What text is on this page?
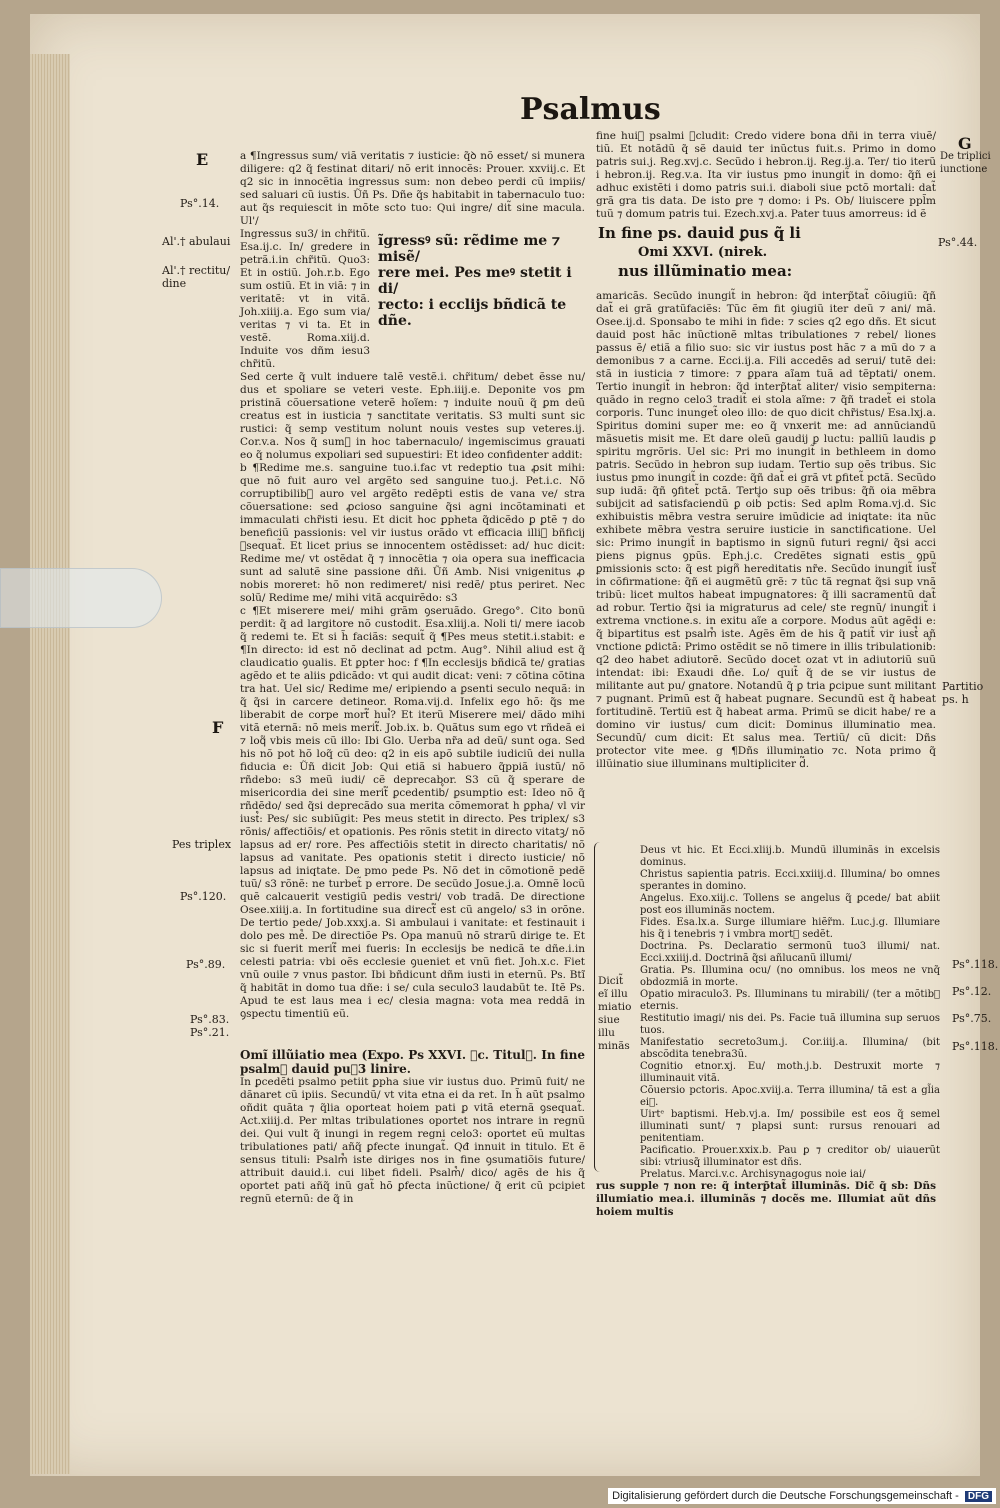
Psalmus
E
Ps°.14.
Al'.† abulaui
Al'.† rectitu/ dine
F
Pes triplex
Ps°.120.
Ps°.89.
Ps°.83.
Ps°.21.

a ¶Ingressus sum/ viã veritatis ⁊ iusticie: q̃ꝺ nõ esset/ si munera diligere: q2 q̃ festinat ditari/ nõ erit innocẽs: Prouer. xxviij.c. Et q2 sic in innocẽtia ingressus sum: non debeo perdi cũ impiis/ sed saluari cũ iustis. Ũñ Ps. Dñe q̃s habitabit in tabernaculo tuo: aut q̃s requiescit in mõte scto tuo: Qui ingre/ dit̃ sine macula. Ul'/

Ingressus su3/ in chr̃itũ. Esa.ij.c. In/ gredere in petrã.i.in chr̃itũ. Quo3: Et in ostiũ. Joh.r.b. Ego sum ostiũ. Et in viã: ⁊ in veritatẽ: vt in vitã. Joh.xiiij.a. Ego sum via/ veritas ⁊ vi ta. Et in vestẽ. Roma.xiij.d. Induite vos dñm iesu3 chr̃itũ.

Sed certe q̃ vult induere talẽ vestẽ.i. chr̃itum/ debet ẽsse nu/ dus et spoliare se veteri veste. Eph.iiij.e. Deponite vos ꝑm pristinã cõuersatione veterẽ hoĩem: ⁊ induite nouũ q̃ ꝑm deũ creatus est in iusticia ⁊ sanctitate veritatis. S3 multi sunt sic rustici: q̃ semp vestitum nolunt nouis vestes sup veteres.ij. Cor.v.a. Nos q̃ sum᷑ in hoc tabernaculo/ ingemiscimus grauati eo q̃ nolumus expoliari sed supuestiri: Et ideo confidenter addit:

b ¶Redime me.s. sanguine tuo.i.fac vt redeptio tua ꝓsit mihi: que nõ fuit auro vel argẽto sed sanguine tuo.j. Pet.i.c. Nõ corruptibilib᷒ auro vel argẽto redẽpti estis de vana ve/ stra cõuersatione: sed ꝓcioso sanguine q̃si agni incõtaminati et immaculati chr̃isti iesu. Et dicit hoc ꝑpheta q̃dicẽdo ꝑ ꝑtẽ ⁊ do beneficiũ passionis: vel vir iustus orãdo vt efficacia illi᷒ bñficij ꝯsequat̃. Et licet prius se innocentem ostẽdisset: ad/ huc dicit: Redime me/ vt ostẽdat q̃ ⁊ innocẽtia ⁊ oia opera sua inefficacia sunt ad salutẽ sine passione dñi. Ũñ Amb. Nisi vnigenitus ꝓ nobis moreret: hõ non redimeret/ nisi redẽ/ ptus periret. Nec solũ/ Redime me/ mihi vitã acquirẽdo: s3

c ¶Et miserere mei/ mihi grãm ꝯseruãdo. Grego°. Cito bonũ perdit: q̃ ad largitore nõ custodit. Esa.xliij.a. Noli ti/ mere iacob q̃ redemi te. Et si h̃ faciãs: sequit̃ q̃ ¶Pes meus stetit.i.stabit: e ¶In directo: id est nõ declinat ad pctm. Aug°. Nihil aliud est q̃ claudicatio ꝯualis. Et ꝑpter hoc: f ¶In ecclesijs bñdicã te/ gratias agẽdo et te aliis ꝑdicãdo: vt qui audit dicat: veni: ⁊ cõtina cõtina tra hat. Uel sic/ Redime me/ eripiendo a ꝑsenti seculo nequã: in q̃ q̃si in carcere detineor. Roma.vij.d. Infelix ego hõ: q̃s me liberabit de corpe mort᷑ hui᷒? Et iterũ Miserere mei/ dãdo mihi vitã eternã: nõ meis merit᷑. Job.ix. b. Quãtus sum ego vt rñdeã ei ⁊ loq᷑ vbis meis cũ illo: Ibi Glo. Uerba nr̃a ad deũ/ sunt oga. Sed his nõ pot hõ loq̃ cũ deo: q2 in eis apõ subtile iudiciũ dei nulla fiducia e: Ũñ dicit Job: Qui etiã si habuero q̃ppiã iustũ/ nõ rñdebo: s3 meũ iudi/ cẽ deprecabor. S3 cũ q̃ sperare de misericordia dei sine merit᷑ ꝑcedentib᷒/ ꝑsumptio est: Ideo nõ q̃ rñdẽdo/ sed q̃si deprecãdo sua merita cõmemorat h ꝑpha/ vl vir iust᷒: Pes/ sic subiũgit: Pes meus stetit in directo. Pes triplex/ s3 rõnis/ affectiõis/ et opationis. Pes rõnis stetit in directo vitatꝫ/ nõ lapsus ad er/ rore. Pes affectiõis stetit in directo charitatis/ nõ lapsus ad vanitate. Pes opationis stetit i directo iusticie/ nõ lapsus ad iniqtate. De pmo pede Ps. Nõ det in cõmotionẽ pedẽ tuũ/ s3 rõnẽ: ne turbet̃ p errore. De secũdo Josue.j.a. Omnẽ locũ quẽ calcauerit vestigiũ pedis vestri/ vob tradã. De directione Osee.xiiij.a. In fortitudine sua direct᷑ est cũ angelo/ s3 in orõne. De tertio pede/ Job.xxxj.a. Si ambulaui i vanitate: et festinauit i dolo pes me᷒. De directiõe Ps. Opa manuũ nõ strarũ dirige te. Et sic si fuerit merit᷑ mei fueris: In ecclesijs be nedicã te dñe.i.in celesti patria: vbi oẽs ecclesie ꝯueniet et vnũ fiet. Joh.x.c. Fiet vnũ ouile ⁊ vnus pastor. Ibi bñdicunt dñm iusti in eternũ. Ps. Btĩ q̃ habitãt in domo tua dñe: i se/ cula seculo3 laudabũt te. Itẽ Ps. Apud te est laus mea i ec/ clesia magna: vota mea reddã in ꝯspectu timentiũ eũ.

ĩgressꝰ sũ: rẽdime me ⁊ misẽ/
rere mei. Pes meꝰ stetit i di/
recto: i ecclijs bñdicã te dñe.

Omĩ illũiatio mea (Expo. Ps XXVI. ⁊c. Titul᷒. In fine psalm᷒ dauid puꝰ3 linire.

In ꝑcedẽti psalmo petiit ꝑpha siue vir iustus duo. Primũ fuit/ ne dãnaret cũ ipiis. Secundũ/ vt vita etna ei da ret. In h̃ aũt psalmo oñdit quãta ⁊ q̃lia oporteat hoiem pati ꝑ vitã eternã ꝯsequat̃. Act.xiiij.d. Per mltas tribulationes oportet nos intrare in regnũ dei. Qui vult q̃ inungi in regem regni celo3: oportet eũ multas tribulationes pati/ añq̃ ꝑfecte inungat̃. Qđ innuit in titulo. Et ẽ sensus tituli: Psalm᷒ iste diriges nos in fine ꝯsumatiõis future/ attribuit dauid.i. cui libet fideli. Psalm᷒/ dico/ agẽs de his q̃ oportet pati añq̃ inũ gat̃ hõ ꝑfecta inũctione/ q̃ erit cũ pcipiet regnũ eternũ: de q̃ in

G

fine hui᷒ psalmi ꝯcludit: Credo videre bona dñi in terra viuẽ/ tiũ. Et notãdũ q̃ sẽ dauid ter inũctus fuit.s. Primo in domo patris sui.j. Reg.xvj.c. Secũdo i hebron.ij. Reg.ij.a. Ter/ tio iterũ i hebron.ij. Reg.v.a. Ita vir iustus pmo inungit̃ in domo: q̃ñ ei adhuc existẽti i domo patris sui.i. diaboli siue pctõ mortali: dat̃ grã gra tis data. De isto ꝑre ⁊ domo: i Ps. Ob/ liuiscere ppl̃m tuũ ⁊ domum patris tui. Ezech.xvj.a. Pater tuus amorreus: id ẽ

In fine ps. dauid ꝑus q̃ li
Omi XXVI. (nirek.
nus illũminatio mea:

amaricãs. Secũdo inungit̃ in hebron: q̃d interp̃tat̃ cõiugiũ: q̃ñ dat̃ ei grã gratũfaciẽs: Tũc ẽm fit ꝯiugiũ iter deũ ⁊ ani/ mã. Osee.ij.d. Sponsabo te mihi in fide: ⁊ scies q2 ego dñs. Et sicut dauid post hãc inũctionẽ mltas tribulationes ⁊ rebel/ liones passus ẽ/ etiã a filio suo: sic vir iustus post hãc ⁊ a mũ do ⁊ a demonibus ⁊ a carne. Ecci.ij.a. Fili accedẽs ad serui/ tutẽ dei: stã in iusticia ⁊ timore: ⁊ ꝑpara aĩam tuã ad tẽptati/ onem. Tertio inungit̃ in hebron: q̃d interp̃tat̃ aliter/ visio sempiterna: quãdo in regno celo3 tradit̃ ei stola aĩme: ⁊ q̃ñ tradet̃ ei stola corporis. Tunc inunget̃ oleo illo: de quo dicit chr̃istus/ Esa.lxj.a. Spiritus domini super me: eo q̃ vnxerit me: ad annũciandũ mãsuetis misit me. Et dare oleũ gaudij ꝑ luctu: palliũ laudis ꝑ spiritu mgrõris. Uel sic: Pri mo inungit̃ in bethleem in domo patris. Secũdo in hebron sup iudam. Tertio sup oẽs tribus. Sic iustus pmo inungit̃ in cozde: q̃ñ dat̃ ei grã vt ꝑfitet̃ pctã. Secũdo sup iudã: q̃ñ ꝯfitet̃ pctã. Tertio sup oẽs tribus: q̃ñ oia mẽbra subijcit ad satisfaciendũ ꝑ oib᷒ pctis: Sed aplm Roma.vj.d. Sic exhibuistis mẽbra vestra seruire imũdicie ad iniqtate: ita nũc exhibete mẽbra vestra seruire iusticie in sanctificatione. Uel sic: Primo inungit̃ in baptismo in signũ futuri regni/ q̃si acci piens pignus ꝯpũs. Eph.j.c. Credẽtes signati estis ꝯpũ ꝑmissionis scto: q̃ est pign᷑ hereditatis nr̃e. Secũdo inungit̃ iust᷑ in cõfirmatione: q̃ñ ei augmẽtũ grẽ: ⁊ tũc tã regnat q̃si sup vnã tribũ: licet multos habeat impugnatores: q̃ illi sacramentũ dat̃ ad robur. Tertio q̃si ia migraturus ad cele/ ste regnũ/ inungit̃ i extrema vnctione.s. in exitu aĩe a corpore. Modus aũt agẽdi e: q̃ bipartitus est psalm᷒ iste. Agẽs ẽm de his q̃ patit̃ vir iust᷒ añ vnctione ꝑdictã: Primo ostẽdit se nõ timere in illis tribulationib᷒: q2 deo habet adiutorẽ. Secũdo docet ozat vt in adiutoriũ suũ intendat: ibi: Exaudi dñe. Lo/ quit̃ q̃ de se vir iustus de militante aut pu/ gnatore. Notandũ q̃ ꝑ tria ꝑcipue sunt militant ⁊ pugnant. Primũ est q̃ habeat pugnare. Secundũ est q̃ habeat fortitudinẽ. Tertiũ est q̃ habeat arma. Primũ se dicit habe/ re a domino vir iustus/ cum dicit: Dominus illuminatio mea. Secundũ/ cum dicit: Et salus mea. Tertiũ/ cũ dicit: Dñs protector vite mee. g ¶Dñs illuminatio ⁊c. Nota primo q̃ illũinatio siue illuminans multipliciter d᷑.

Dicit̃ eĩ illu miatio siue illu minãs

Deus vt hic. Et Ecci.xliij.b. Mundũ illuminãs in excelsis dominus.

Christus sapientia patris. Ecci.xxiiij.d. Illumina/ bo omnes sperantes in domino.

Angelus. Exo.xiij.c. Tollens se angelus q̃ ꝑcede/ bat abiit post eos illuminãs noctem.

Fides. Esa.lx.a. Surge illumiare hiẽr̃m. Luc.j.g. Illumiare his q̃ i tenebris ⁊ i vmbra mort᷑ sedẽt.

Doctrina. Ps. Declaratio sermonũ tuo3 illumi/ nat. Ecci.xxiiij.d. Doctrinã q̃si añlucanũ illumi/

Gratia. Ps. Illumina ocu/ (no omnibus. los meos ne vnq̃ obdozmiã in morte.

Opatio miraculo3. Ps. Illuminans tu mirabili/ (ter a mõtib᷒ eternis.

Restitutio imagi/ nis dei. Ps. Facie tuã illumina sup seruos tuos.

Manifestatio secreto3um.j. Cor.iiij.a. Illumina/ (bit abscõdita tenebra3ũ.

Cognitio etnor.xj. Eu/ moth.j.b. Destruxit morte ⁊ illuminauit vitã.

Cõuersio pctoris. Apoc.xviij.a. Terra illumina/ tã est a gl̃ia ei᷒.

Uirtᵉ baptismi. Heb.vj.a. Im/ possibile est eos q̃ semel illuminati sunt/ ⁊ plapsi sunt: rursus renouari ad penitentiam.

Pacificatio. Prouer.xxix.b. Pau ꝑ ⁊ creditor ob/ uiauerũt sibi: vtriusq̃ illuminator est dñs.

Prelatus. Marci.v.c. Archisynagogus noie iai/

rus supple ⁊ non re: q̃ interp̃tat̃ illuminãs. Dic̃ q̃ sb: Dñs illumiatio mea.i. illuminãs ⁊ docẽs me. Illumiat aũt dñs hoiem multis

De triplici iunctione
Ps°.44.
Partitio ps. h
Ps°.118.
Ps°.12.
Ps°.75.
Ps°.118.
Digitalisierung gefördert durch die Deutsche Forschungsgemeinschaft - DFG
